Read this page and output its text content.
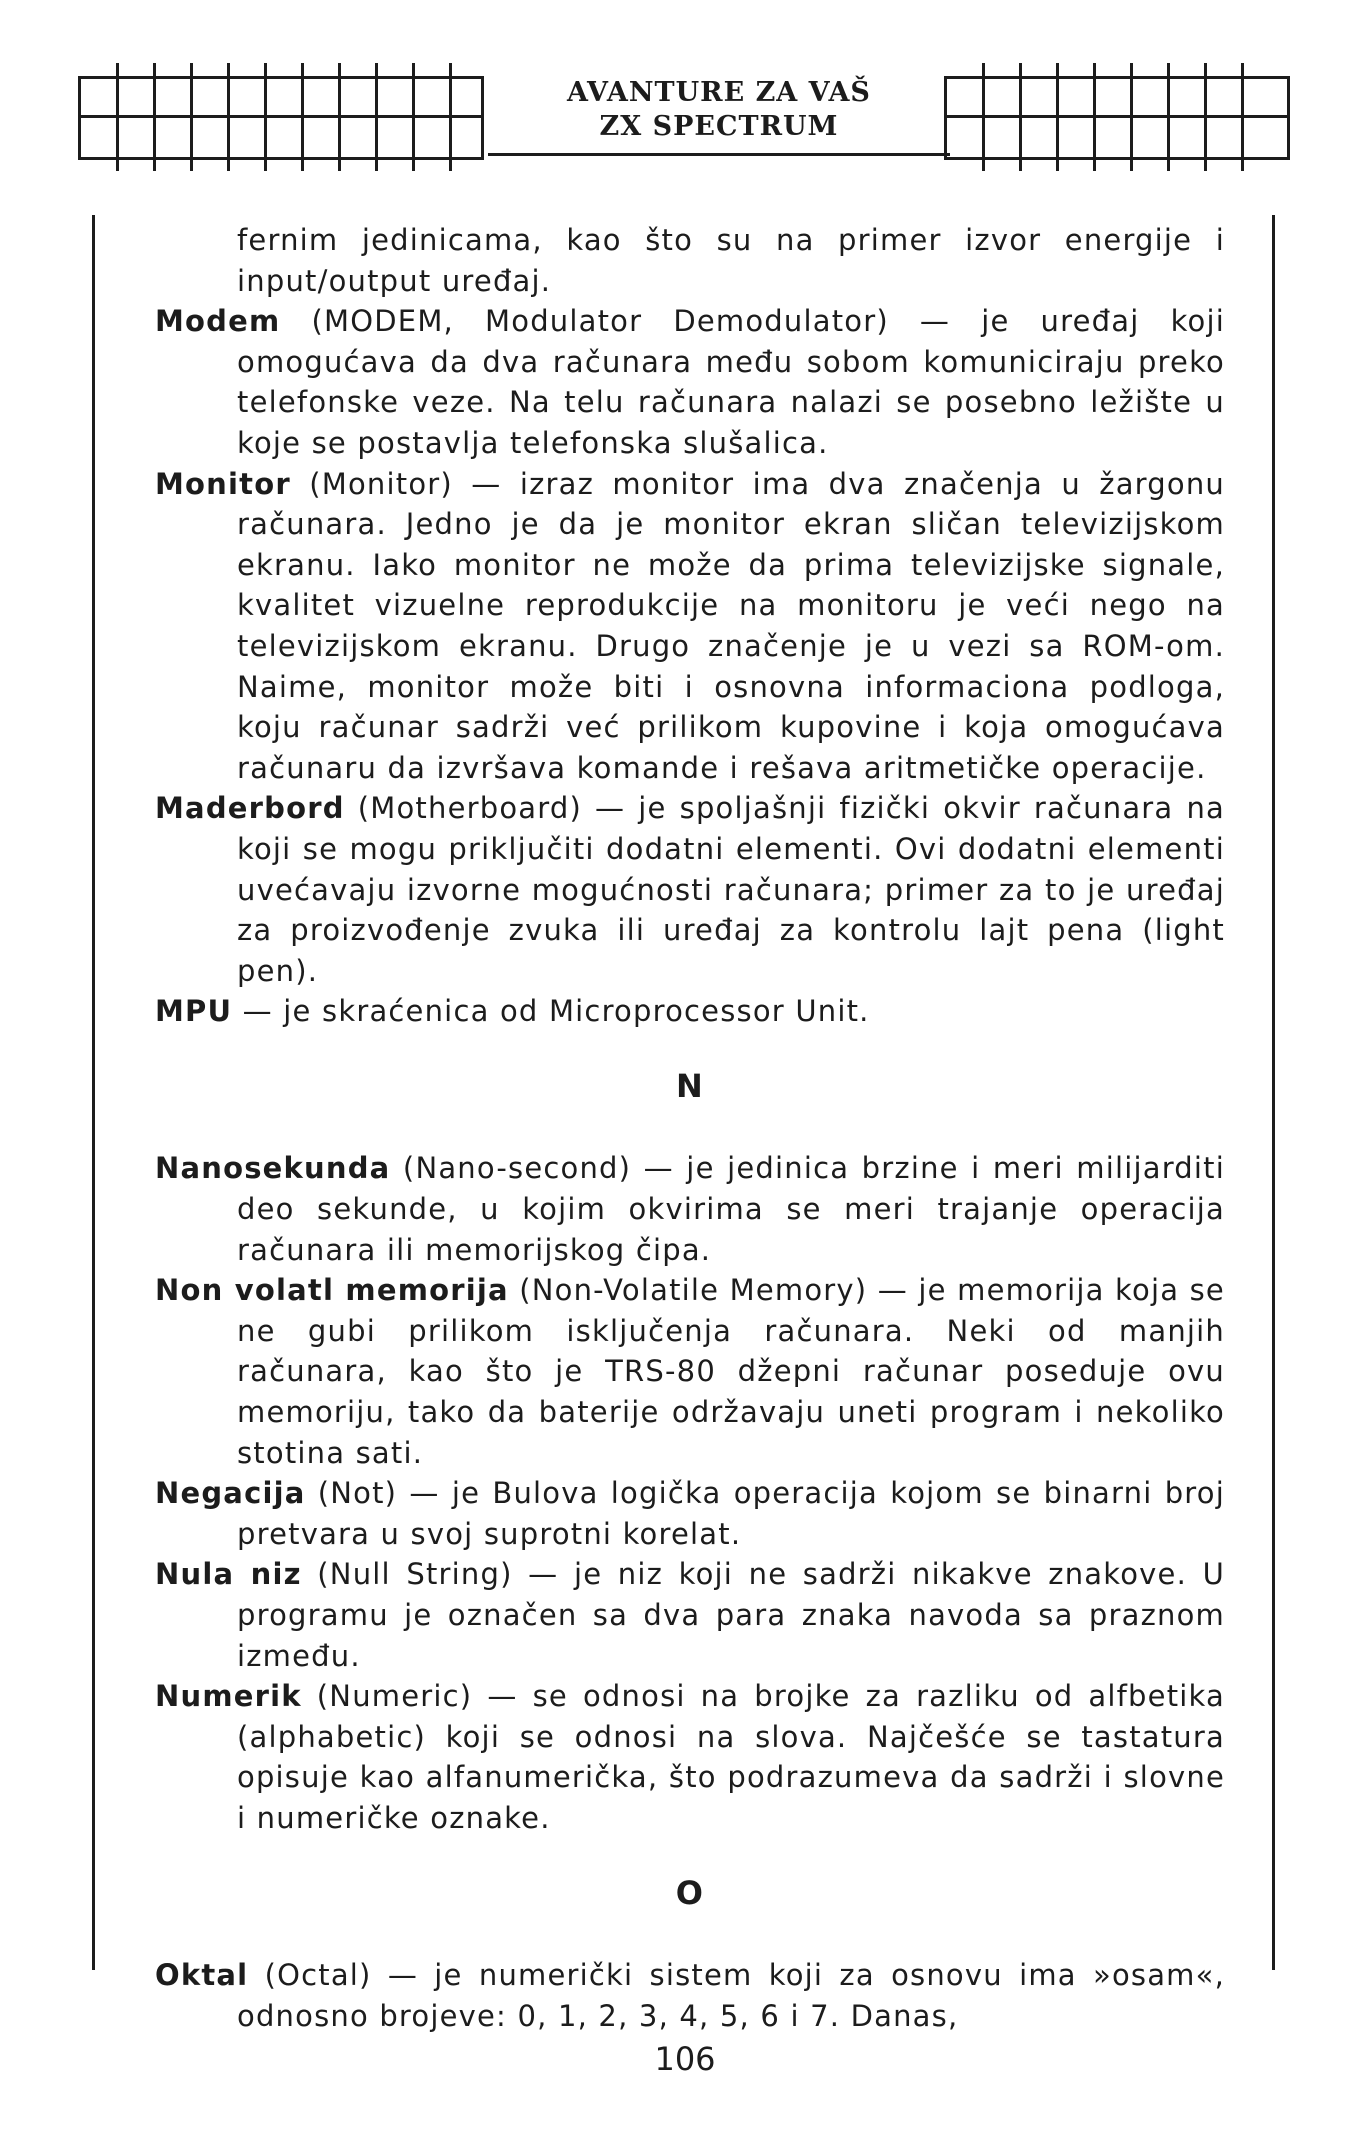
AVANTURE ZA VAŠ
ZX SPECTRUM

fernim jedinicama, kao što su na primer izvor energije i input/output uređaj.

Modem (MODEM, Modulator Demodulator) — je uređaj koji omogućava da dva računara među sobom komuniciraju preko telefonske veze. Na telu računara nalazi se posebno ležište u koje se postavlja telefonska slušalica.

Monitor (Monitor) — izraz monitor ima dva značenja u žargonu računara. Jedno je da je monitor ekran sličan televizijskom ekranu. Iako monitor ne može da prima televizijske signale, kvalitet vizuelne reprodukcije na monitoru je veći nego na televizijskom ekranu. Drugo značenje je u vezi sa ROM-om. Naime, monitor može biti i osnovna informaciona podloga, koju računar sadrži već prilikom kupovine i koja omogućava računaru da izvršava komande i rešava aritmetičke operacije.

Maderbord (Motherboard) — je spoljašnji fizički okvir računara na koji se mogu priključiti dodatni elementi. Ovi dodatni elementi uvećavaju izvorne mogućnosti računara; primer za to je uređaj za proizvođenje zvuka ili uređaj za kontrolu lajt pena (light pen).

MPU — je skraćenica od Microprocessor Unit.

N

Nanosekunda (Nano-second) — je jedinica brzine i meri milijarditi deo sekunde, u kojim okvirima se meri trajanje operacija računara ili memorijskog čipa.

Non volatl memorija (Non-Volatile Memory) — je memorija koja se ne gubi prilikom isključenja računara. Neki od manjih računara, kao što je TRS-80 džepni računar poseduje ovu memoriju, tako da baterije održavaju uneti program i nekoliko stotina sati.

Negacija (Not) — je Bulova logička operacija kojom se binarni broj pretvara u svoj suprotni korelat.

Nula niz (Null String) — je niz koji ne sadrži nikakve znakove. U programu je označen sa dva para znaka navoda sa praznom između.

Numerik (Numeric) — se odnosi na brojke za razliku od alfbetika (alphabetic) koji se odnosi na slova. Najčešće se tastatura opisuje kao alfanumerička, što podrazumeva da sadrži i slovne i numeričke oznake.

O

Oktal (Octal) — je numerički sistem koji za osnovu ima »osam«, odnosno brojeve: 0, 1, 2, 3, 4, 5, 6 i 7. Danas,

106
